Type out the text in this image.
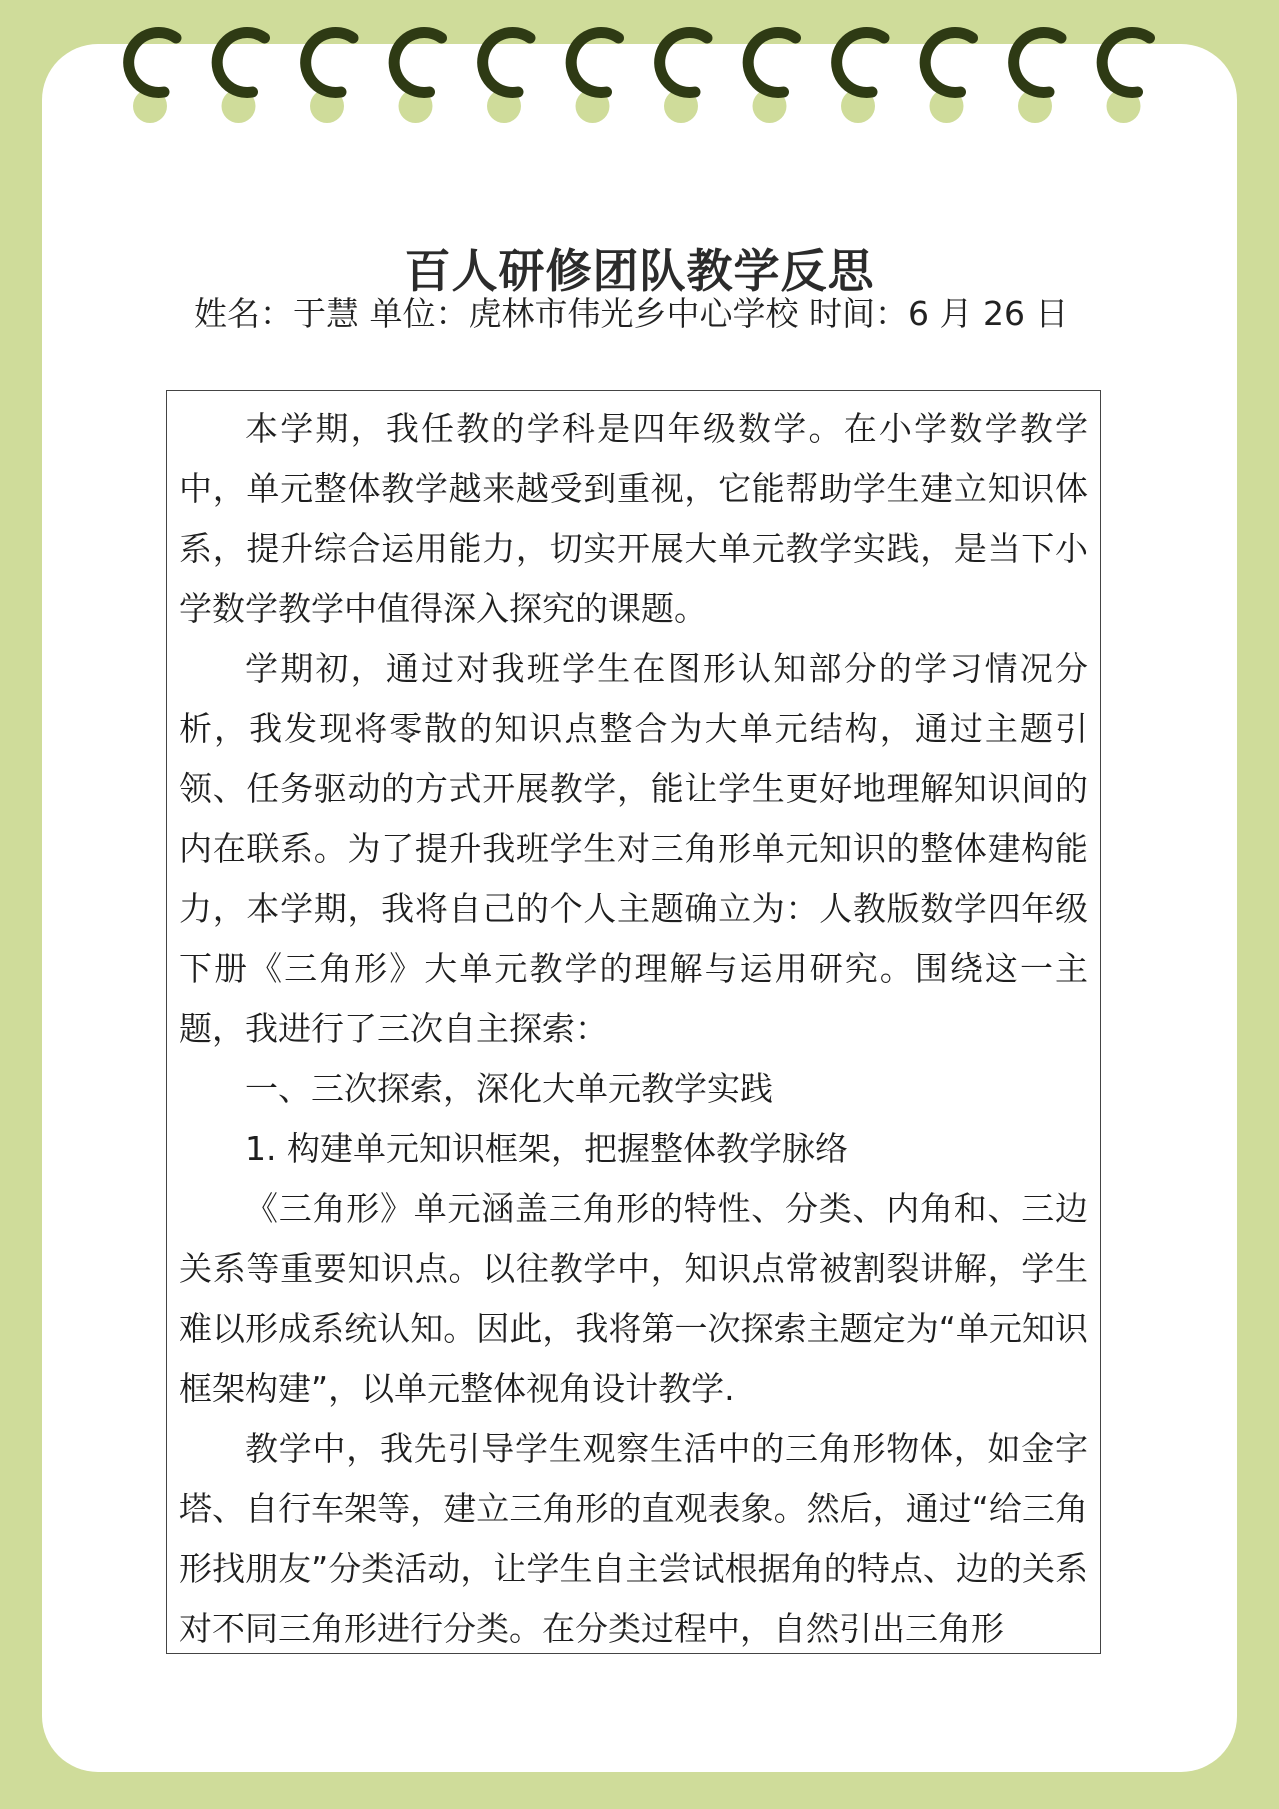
百人研修团队教学反思
姓名：于慧 单位：虎林市伟光乡中心学校 时间：6 月 26 日

本学期，我任教的学科是四年级数学。在小学数学教学中，单元整体教学越来越受到重视，它能帮助学生建立知识体系，提升综合运用能力，切实开展大单元教学实践，是当下小学数学教学中值得深入探究的课题。

学期初，通过对我班学生在图形认知部分的学习情况分析，我发现将零散的知识点整合为大单元结构，通过主题引领、任务驱动的方式开展教学，能让学生更好地理解知识间的内在联系。为了提升我班学生对三角形单元知识的整体建构能力，本学期，我将自己的个人主题确立为：人教版数学四年级下册《三角形》大单元教学的理解与运用研究。围绕这一主题，我进行了三次自主探索：

一、三次探索，深化大单元教学实践

1. 构建单元知识框架，把握整体教学脉络

《三角形》单元涵盖三角形的特性、分类、内角和、三边关系等重要知识点。以往教学中，知识点常被割裂讲解，学生难以形成系统认知。因此，我将第一次探索主题定为“单元知识框架构建”，以单元整体视角设计教学.

教学中，我先引导学生观察生活中的三角形物体，如金字塔、自行车架等，建立三角形的直观表象。然后，通过“给三角形找朋友”分类活动，让学生自主尝试根据角的特点、边的关系对不同三角形进行分类。在分类过程中，自然引出三角形
